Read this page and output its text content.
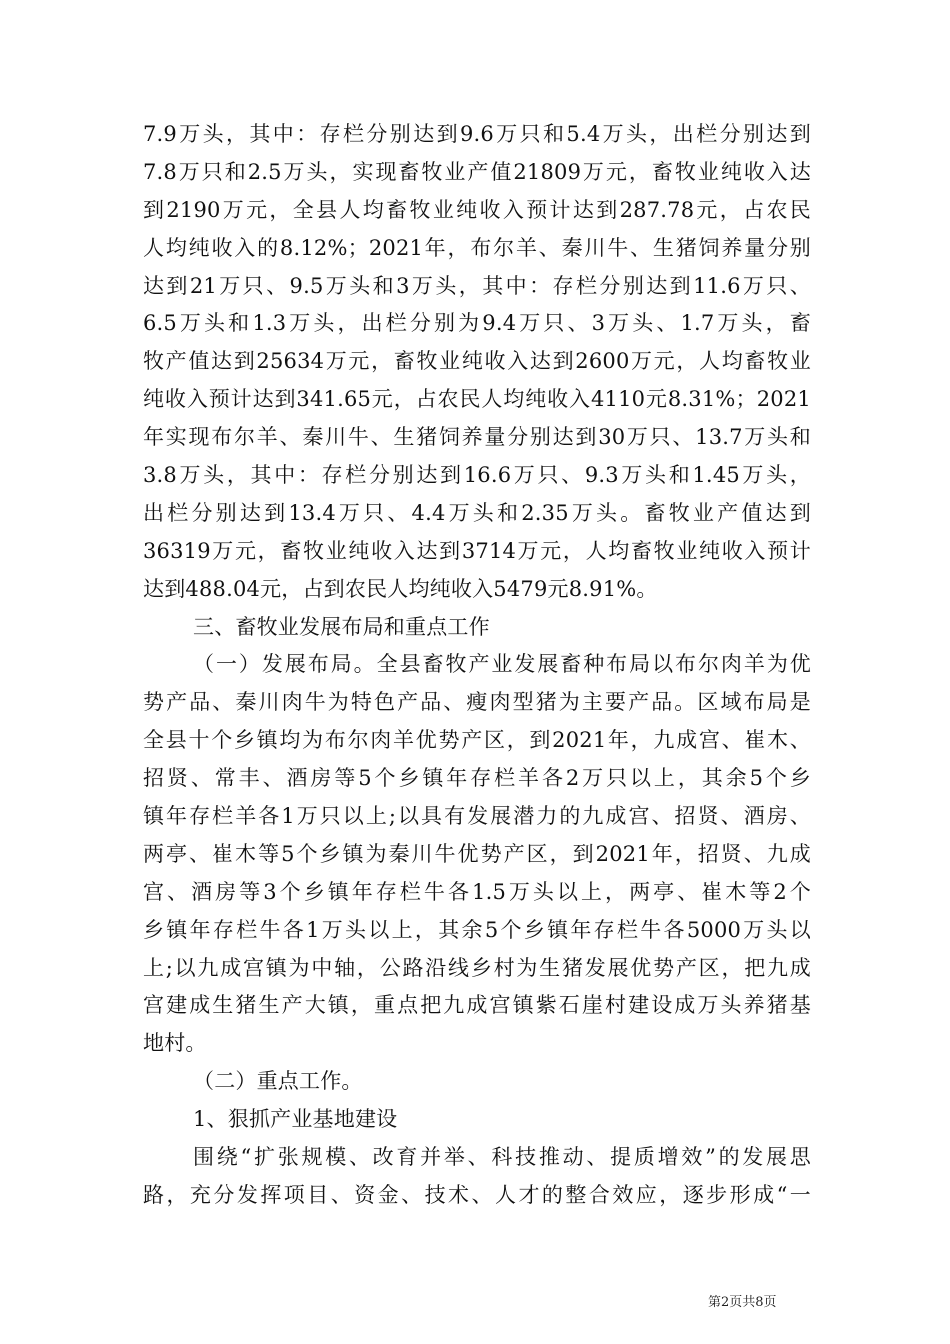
7.9万头，其中：存栏分别达到9.6万只和5.4万头，出栏分别达到
7.8万只和2.5万头，实现畜牧业产值21809万元，畜牧业纯收入达
到2190万元，全县人均畜牧业纯收入预计达到287.78元，占农民
人均纯收入的8.12%；2021年，布尔羊、秦川牛、生猪饲养量分别
达到21万只、9.5万头和3万头，其中：存栏分别达到11.6万只、
6.5万头和1.3万头，出栏分别为9.4万只、3万头、1.7万头，畜
牧产值达到25634万元，畜牧业纯收入达到2600万元，人均畜牧业
纯收入预计达到341.65元，占农民人均纯收入4110元8.31%；2021
年实现布尔羊、秦川牛、生猪饲养量分别达到30万只、13.7万头和
3.8万头，其中：存栏分别达到16.6万只、9.3万头和1.45万头，
出栏分别达到13.4万只、4.4万头和2.35万头。畜牧业产值达到
36319万元，畜牧业纯收入达到3714万元，人均畜牧业纯收入预计
达到488.04元，占到农民人均纯收入5479元8.91%。
三、畜牧业发展布局和重点工作
（一）发展布局。全县畜牧产业发展畜种布局以布尔肉羊为优
势产品、秦川肉牛为特色产品、瘦肉型猪为主要产品。区域布局是
全县十个乡镇均为布尔肉羊优势产区，到2021年，九成宫、崔木、
招贤、常丰、酒房等5个乡镇年存栏羊各2万只以上，其余5个乡
镇年存栏羊各1万只以上;以具有发展潜力的九成宫、招贤、酒房、
两亭、崔木等5个乡镇为秦川牛优势产区，到2021年，招贤、九成
宫、酒房等3个乡镇年存栏牛各1.5万头以上，两亭、崔木等2个
乡镇年存栏牛各1万头以上，其余5个乡镇年存栏牛各5000万头以
上;以九成宫镇为中轴，公路沿线乡村为生猪发展优势产区，把九成
宫建成生猪生产大镇，重点把九成宫镇紫石崖村建设成万头养猪基
地村。
（二）重点工作。
1、狠抓产业基地建设
围绕“扩张规模、改育并举、科技推动、提质增效”的发展思
路，充分发挥项目、资金、技术、人才的整合效应，逐步形成“一
第2页共8页
